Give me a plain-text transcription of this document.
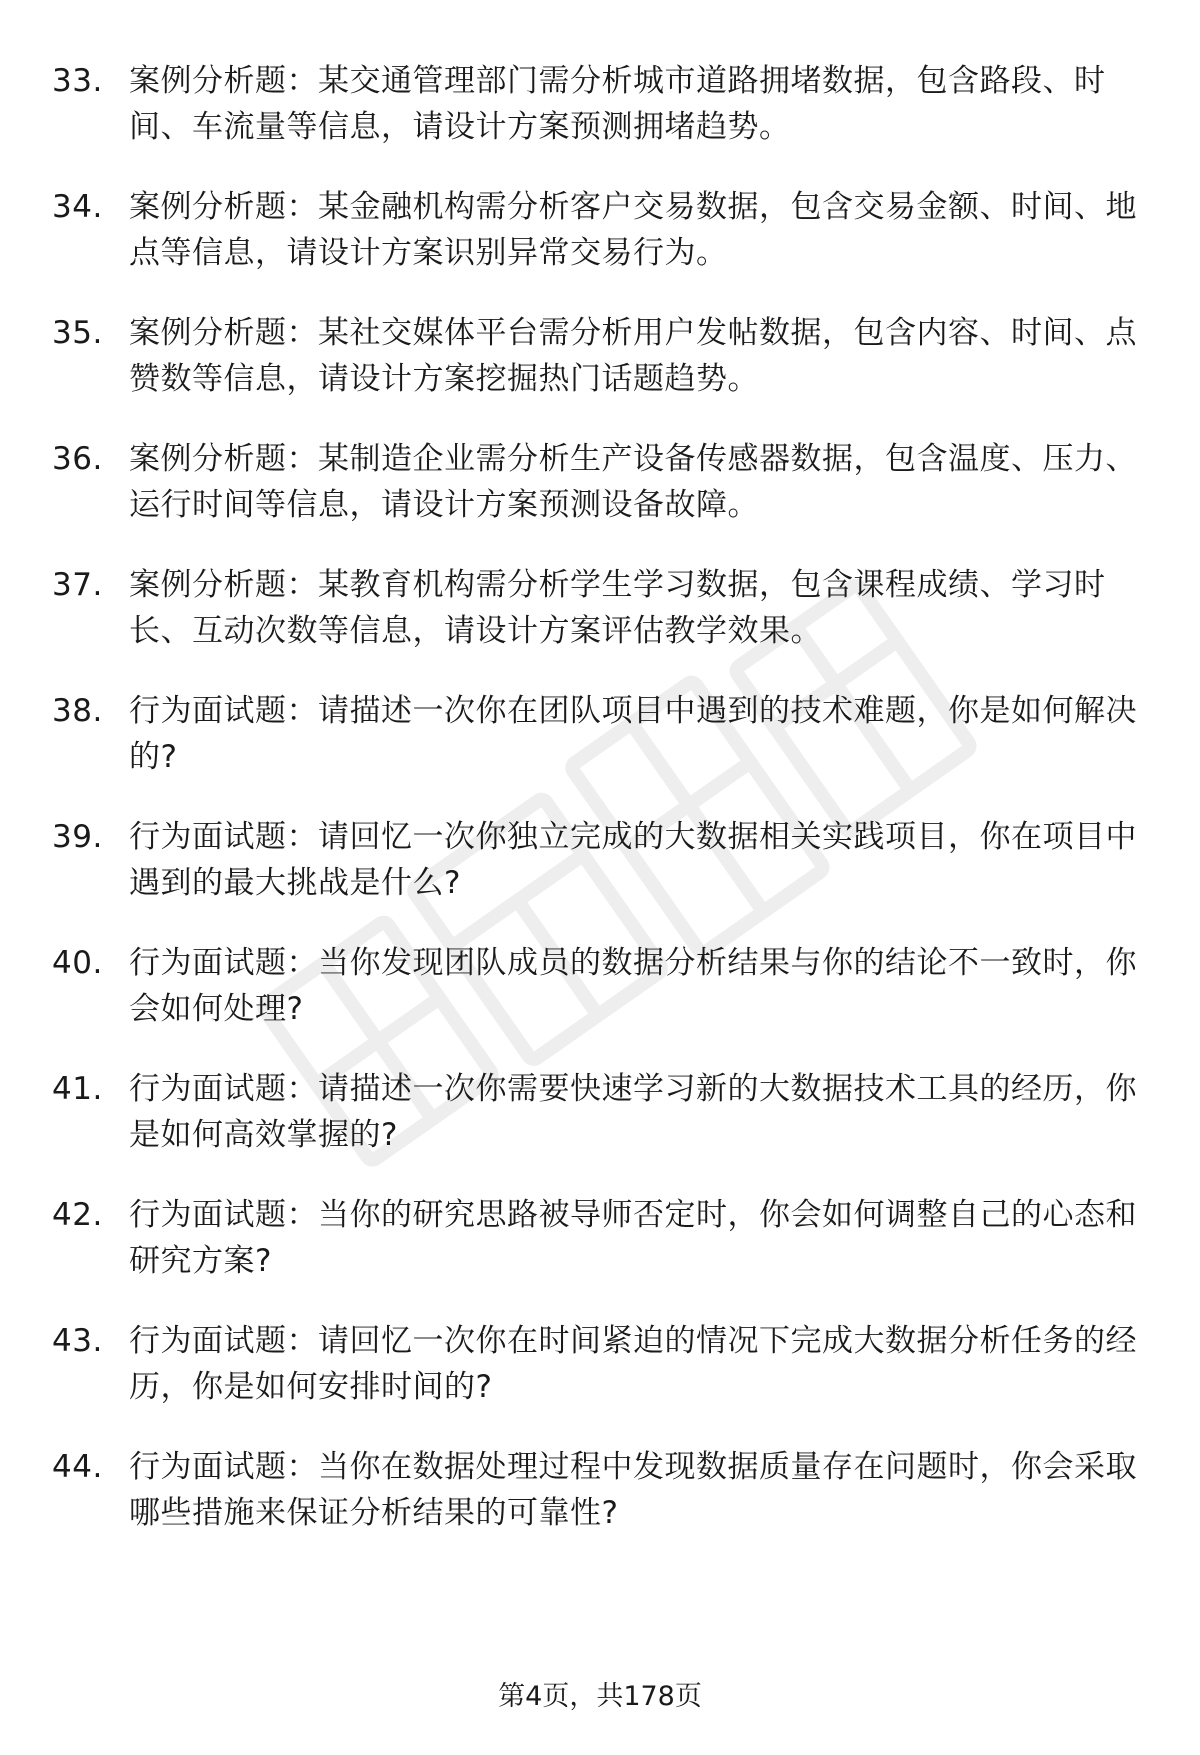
33. 案例分析题：某交通管理部门需分析城市道路拥堵数据，包含路段、时间、车流量等信息，请设计方案预测拥堵趋势。
34. 案例分析题：某金融机构需分析客户交易数据，包含交易金额、时间、地点等信息，请设计方案识别异常交易行为。
35. 案例分析题：某社交媒体平台需分析用户发帖数据，包含内容、时间、点赞数等信息，请设计方案挖掘热门话题趋势。
36. 案例分析题：某制造企业需分析生产设备传感器数据，包含温度、压力、运行时间等信息，请设计方案预测设备故障。
37. 案例分析题：某教育机构需分析学生学习数据，包含课程成绩、学习时长、互动次数等信息，请设计方案评估教学效果。
38. 行为面试题：请描述一次你在团队项目中遇到的技术难题，你是如何解决的?
39. 行为面试题：请回忆一次你独立完成的大数据相关实践项目，你在项目中遇到的最大挑战是什么?
40. 行为面试题：当你发现团队成员的数据分析结果与你的结论不一致时，你会如何处理?
41. 行为面试题：请描述一次你需要快速学习新的大数据技术工具的经历，你是如何高效掌握的?
42. 行为面试题：当你的研究思路被导师否定时，你会如何调整自己的心态和研究方案?
43. 行为面试题：请回忆一次你在时间紧迫的情况下完成大数据分析任务的经历，你是如何安排时间的?
44. 行为面试题：当你在数据处理过程中发现数据质量存在问题时，你会采取哪些措施来保证分析结果的可靠性?
第4页，共178页
